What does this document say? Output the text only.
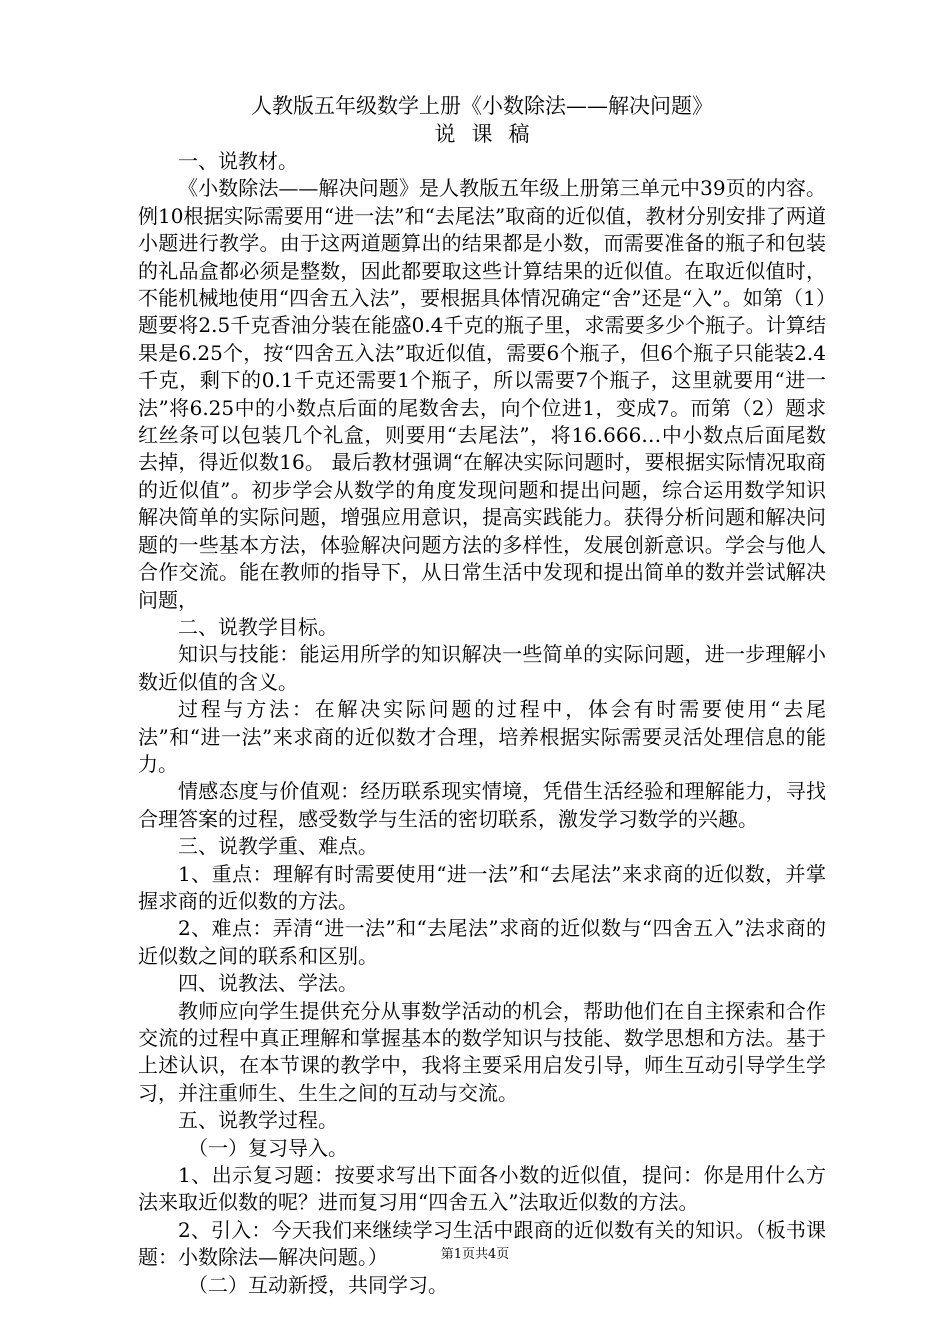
人教版五年级数学上册《小数除法——解决问题》
说课稿

一、说教材。

《小数除法——解决问题》是人教版五年级上册第三单元中39页的内容。例10根据实际需要用“进一法”和“去尾法”取商的近似值，教材分别安排了两道小题进行教学。由于这两道题算出的结果都是小数，而需要准备的瓶子和包装的礼品盒都必须是整数，因此都要取这些计算结果的近似值。在取近似值时，不能机械地使用“四舍五入法”，要根据具体情况确定“舍”还是“入”。如第（1）题要将2.5千克香油分装在能盛0.4千克的瓶子里，求需要多少个瓶子。计算结果是6.25个，按“四舍五入法”取近似值，需要6个瓶子，但6个瓶子只能装2.4千克，剩下的0.1千克还需要1个瓶子，所以需要7个瓶子，这里就要用“进一法”将6.25中的小数点后面的尾数舍去，向个位进1，变成7。而第（2）题求红丝条可以包装几个礼盒，则要用“去尾法”，将16.666…中小数点后面尾数去掉，得近似数16。 最后教材强调“在解决实际问题时，要根据实际情况取商的近似值”。初步学会从数学的角度发现问题和提出问题，综合运用数学知识解决简单的实际问题，增强应用意识，提高实践能力。获得分析问题和解决问题的一些基本方法，体验解决问题方法的多样性，发展创新意识。学会与他人合作交流。能在教师的指导下，从日常生活中发现和提出简单的数并尝试解决问题，

二、说教学目标。

知识与技能：能运用所学的知识解决一些简单的实际问题，进一步理解小数近似值的含义。

过程与方法：在解决实际问题的过程中，体会有时需要使用“去尾法”和“进一法”来求商的近似数才合理，培养根据实际需要灵活处理信息的能力。

情感态度与价值观：经历联系现实情境，凭借生活经验和理解能力，寻找合理答案的过程，感受数学与生活的密切联系，激发学习数学的兴趣。

三、说教学重、难点。

1、重点：理解有时需要使用“进一法”和“去尾法”来求商的近似数，并掌握求商的近似数的方法。

2、难点：弄清“进一法”和“去尾法”求商的近似数与“四舍五入”法求商的近似数之间的联系和区别。

四、说教法、学法。

教师应向学生提供充分从事数学活动的机会，帮助他们在自主探索和合作交流的过程中真正理解和掌握基本的数学知识与技能、数学思想和方法。基于上述认识，在本节课的教学中，我将主要采用启发引导，师生互动引导学生学习，并注重师生、生生之间的互动与交流。

五、说教学过程。

（一）复习导入。

1、出示复习题：按要求写出下面各小数的近似值，提问：你是用什么方法来取近似数的呢？进而复习用“四舍五入”法取近似数的方法。

2、引入：今天我们来继续学习生活中跟商的近似数有关的知识。（板书课题：小数除法—解决问题。）

（二）互动新授，共同学习。

第1页共4页
